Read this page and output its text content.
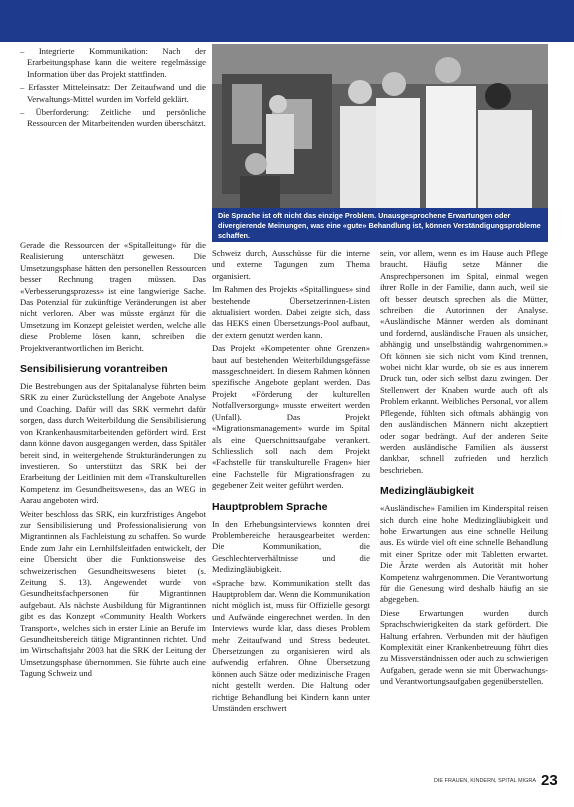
Die Sprache ist oft nicht das einzige Problem. Unausgesprochene Erwartungen oder divergierende Meinungen, was eine «gute» Behandlung ist, können Verständigungsprobleme schaffen.

– Integrierte Kommunikation: Nach der Erarbeitungsphase kann die weitere regelmässige Information über das Projekt stattfinden.

– Erfasster Mitteleinsatz: Der Zeitaufwand und die Verwaltungs-Mittel wurden im Vorfeld geklärt.

– Überforderung: Zeitliche und persönliche Ressourcen der Mitarbeitenden wurden überschätzt.

Gerade die Ressourcen der «Spitalleitung» für die Realisierung unterschätzt gewesen. Die Umsetzungsphase hätten den personellen Ressourcen besser Rechnung tragen müssen. Das «Verbesserungsprozess» ist eine langwierige Sache. Das Potenzial für zukünftige Veränderungen ist aber nicht verloren. Aber was müsste ergänzt für die Umsetzung im Konzept geleistet werden, welche alle diese Probleme lösen kann, schreiben die Projektverantwortlichen im Bericht.

Sensibilisierung vorantreiben

Die Bestrebungen aus der Spitalanalyse führten beim SRK zu einer Zurückstellung der Angebote Analyse und Coaching. Dafür will das SRK vermehrt dafür sorgen, dass durch Weiterbildung die Sensibilisierung von Krankenhausmitarbeitenden gefördert wird. Erst dann könne davon ausgegangen werden, dass Spitäler bereit sind, in weitergehende Strukturänderungen zu investieren. So unterstützt das SRK bei der Erarbeitung der Leitlinien mit dem «Transkulturellen Kompetenz im Gesundheitswesen», das an WEG in Aarau angeboten wird.

Weiter beschloss das SRK, ein kurzfristiges Angebot zur Sensibilisierung und Professionalisierung von Migrantinnen als Fachleistung zu schaffen. So wurde Ende zum Jahr ein Lernhilfsleitfaden entwickelt, der eine Übersicht über die Funktionsweise des schweizerischen Gesundheitswesens bietet (s. Zeitung S. 13). Angewendet wurde von Gesundheitsfachpersonen für Migrantinnen aufgebaut. Als nächste Ausbildung für Migrantinnen gibt es das Konzept «Community Health Workers Transport», welches sich in erster Linie an Berufe im Gesundheitsbereich tätige Migrantinnen richtet. Und im Wirtschaftsjahr 2003 hat die SRK der Leitung der Umsetzungsphase übernommen. Sie führte auch eine Tagung Schweiz und

Schweiz durch, Ausschüsse für die interne und externe Tagungen zum Thema organisiert.

Im Rahmen des Projekts «Spitallingues» sind bestehende Übersetzerinnen-Listen aktualisiert worden. Dabei zeigte sich, dass das HEKS einen Übersetzungs-Pool aufbaut, der extern genutzt werden kann.

Das Projekt «Kompetenter ohne Grenzen» baut auf bestehenden Weiterbildungsgefässe massgeschneidert. In diesem Rahmen können spezifische Angebote geplant werden. Das Projekt «Förderung der kulturellen Notfallversorgung» musste erweitert werden (Unfall). Das Projekt «Migrationsmanagement» wurde im Spital als eine Querschnittsaufgabe verankert. Schliesslich soll nach dem Projekt «Fachstelle für transkulturelle Fragen» hier eine Fachstelle für Migrationsfragen zu gegebener Zeit weiter geführt werden.

Hauptproblem Sprache

In den Erhebungsinterviews konnten drei Problembereiche herausgearbeitet werden: Die Kommunikation, die Geschlechterverhältnisse und die Medizingläubigkeit.

«Sprache bzw. Kommunikation stellt das Hauptproblem dar. Wenn die Kommunikation nicht möglich ist, muss für Offizielle gesorgt und Aufwände eingerechnet werden. In den Interviews wurde klar, dass dieses Problem mehr Zeitaufwand und Stress bedeutet. Übersetzungen zu organisieren wird als aufwendig erfahren. Ohne Übersetzung können auch Sätze oder medizinische Fragen nicht gestellt werden. Die Haltung oder richtige Behandlung bei Kindern kann unter Umständen erschwert

sein, vor allem, wenn es im Hause auch Pflege braucht. Häufig setze Männer die Ansprechpersonen im Spital, einmal wegen ihrer Rolle in der Familie, dann auch, weil sie oft besser deutsch sprechen als die Mütter, schreiben die Autorinnen der Analyse. «Ausländische Männer werden als dominant und fordernd, ausländische Frauen als unsicher, abhängig und unselbständig wahrgenommen.» Oft können sie sich nicht vom Kind trennen, wobei nicht klar wurde, ob sie es aus innerem Druck tun, oder sich selbst dazu zwingen. Der Stellenwert der Knaben wurde auch oft als Problem erkannt. Weibliches Personal, vor allem Pflegende, fühlten sich oftmals abhängig von den ausländischen Männern nicht akzeptiert oder sogar bedrängt. Auf der anderen Seite werden ausländische Familien als äusserst dankbar, schnell zufrieden und herzlich beschrieben.

Medizingläubigkeit

«Ausländische» Familien im Kinderspital reisen sich durch eine hohe Medizingläubigkeit und hohe Erwartungen aus eine schnelle Heilung aus. Es würde viel oft eine schnelle Behandlung mit einer Spritze oder mit Tabletten erwartet. Die Ärzte werden als Autorität mit hoher Kompetenz wahrgenommen. Die Verantwortung für die Genesung wird deshalb häufig an sie abgegeben.

Diese Erwartungen wurden durch Sprachschwierigkeiten da stark gefördert. Die Haltung erfahren. Verbunden mit der häufigen Komplexität einer Krankenbetreuung führt dies zu Missverständnissen oder auch zu schwierigen Aufgaben, gerade wenn sie mit Überwachungs- und Verantwortungsaufgaben gegenüberstellen.

DIE FRAUEN, KINDERN, SPITAL MIGRA 23
